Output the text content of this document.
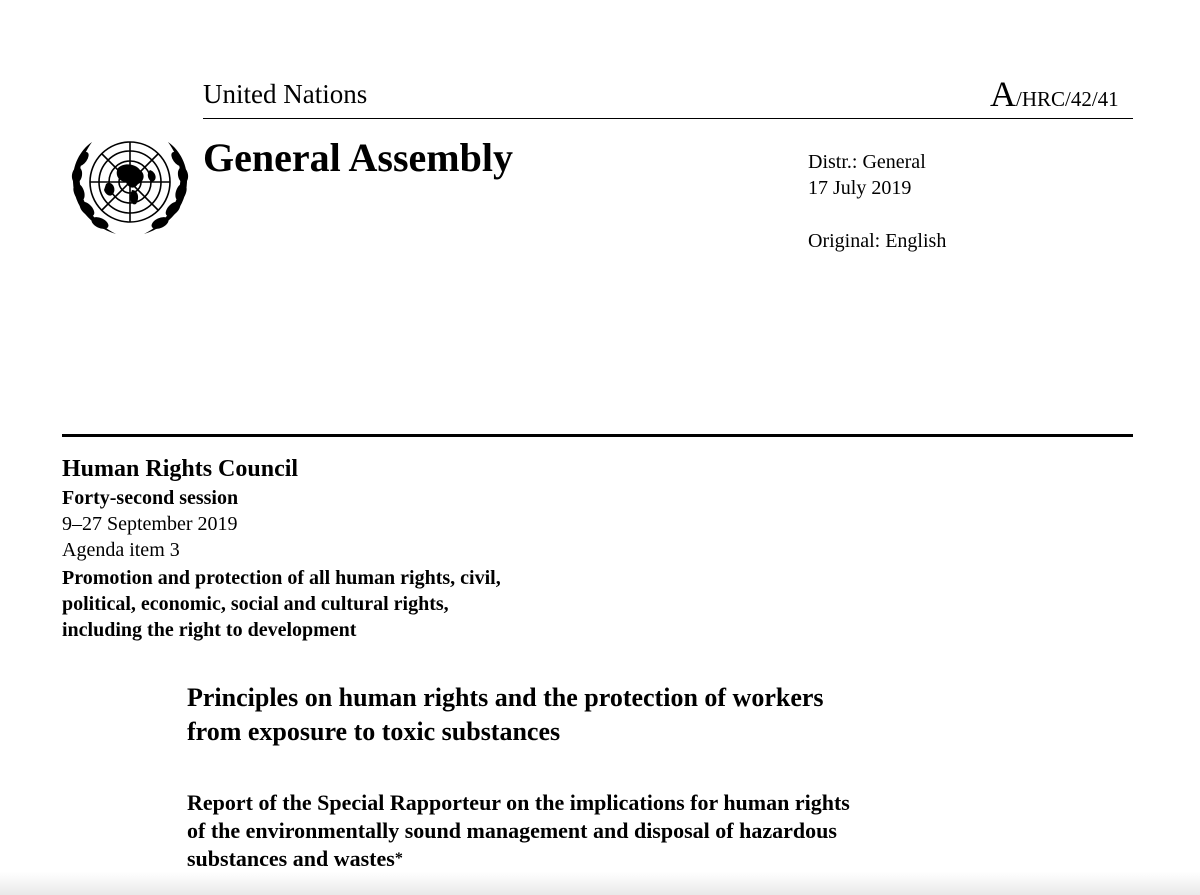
United Nations	A/HRC/42/41
General Assembly	Distr.: General
17 July 2019
Original: English
Human Rights Council
Forty-second session
9–27 September 2019
Agenda item 3
Promotion and protection of all human rights, civil,
political, economic, social and cultural rights,
including the right to development
Principles on human rights and the protection of workers
from exposure to toxic substances
Report of the Special Rapporteur on the implications for human rights
of the environmentally sound management and disposal of hazardous
substances and wastes*
